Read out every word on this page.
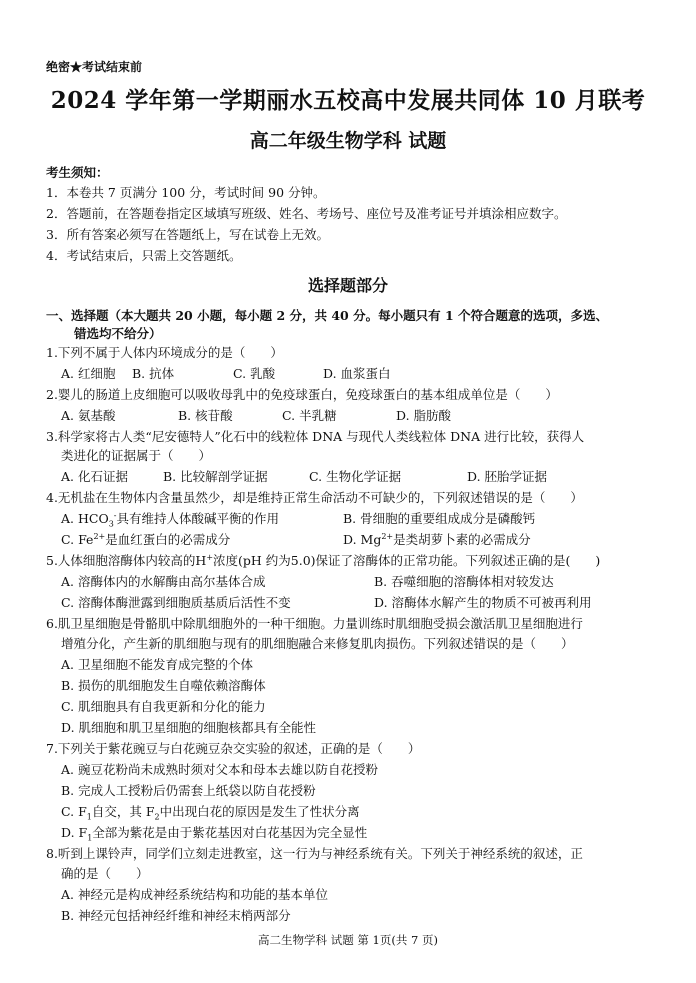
绝密★考试结束前
2024 学年第一学期丽水五校高中发展共同体 10 月联考
高二年级生物学科 试题
考生须知：
1．本卷共 7 页满分 100 分，考试时间 90 分钟。
2．答题前，在答题卷指定区域填写班级、姓名、考场号、座位号及准考证号并填涂相应数字。
3．所有答案必须写在答题纸上，写在试卷上无效。
4．考试结束后，只需上交答题纸。
选择题部分
一、选择题（本大题共 20 小题，每小题 2 分，共 40 分。每小题只有 1 个符合题意的选项，多选、
错选均不给分）
1.下列不属于人体内环境成分的是（　　）
A. 红细胞 B. 抗体	C. 乳酸	D. 血浆蛋白
2.婴儿的肠道上皮细胞可以吸收母乳中的免疫球蛋白，免疫球蛋白的基本组成单位是（　　）
A. 氨基酸	B. 核苷酸	C. 半乳糖	D. 脂肪酸
3.科学家将古人类“尼安德特人”化石中的线粒体 DNA 与现代人类线粒体 DNA 进行比较，获得人
类进化的证据属于（　　）
A. 化石证据	B. 比较解剖学证据	C. 生物化学证据	D. 胚胎学证据
4.无机盐在生物体内含量虽然少，却是维持正常生命活动不可缺少的，下列叙述错误的是（　　）
A. $HCO_3^-$具有维持人体酸碱平衡的作用	B. 骨细胞的重要组成成分是磷酸钙
C. $Fe^{2+}$是血红蛋白的必需成分	D. $Mg^{2+}$是类胡萝卜素的必需成分
5.人体细胞溶酶体内较高的H+浓度(pH 约为5.0)保证了溶酶体的正常功能。下列叙述正确的是(　　)
A. 溶酶体内的水解酶由高尔基体合成	B. 吞噬细胞的溶酶体相对较发达
C. 溶酶体酶泄露到细胞质基质后活性不变	D. 溶酶体水解产生的物质不可被再利用
6.肌卫星细胞是骨骼肌中除肌细胞外的一种干细胞。力量训练时肌细胞受损会激活肌卫星细胞进行
增殖分化，产生新的肌细胞与现有的肌细胞融合来修复肌肉损伤。下列叙述错误的是（　　）
A. 卫星细胞不能发育成完整的个体
B. 损伤的肌细胞发生自噬依赖溶酶体
C. 肌细胞具有自我更新和分化的能力
D. 肌细胞和肌卫星细胞的细胞核都具有全能性
7.下列关于紫花豌豆与白花豌豆杂交实验的叙述，正确的是（　　）
A. 豌豆花粉尚未成熟时须对父本和母本去雄以防自花授粉
B. 完成人工授粉后仍需套上纸袋以防自花授粉
C. $F_1$自交，其 $F_2$中出现白花的原因是发生了性状分离
D. $F_1$全部为紫花是由于紫花基因对白花基因为完全显性
8.听到上课铃声，同学们立刻走进教室，这一行为与神经系统有关。下列关于神经系统的叙述，正
确的是（　　）
A. 神经元是构成神经系统结构和功能的基本单位
B. 神经元包括神经纤维和神经末梢两部分
高二生物学科 试题 第 1页(共 7 页)
